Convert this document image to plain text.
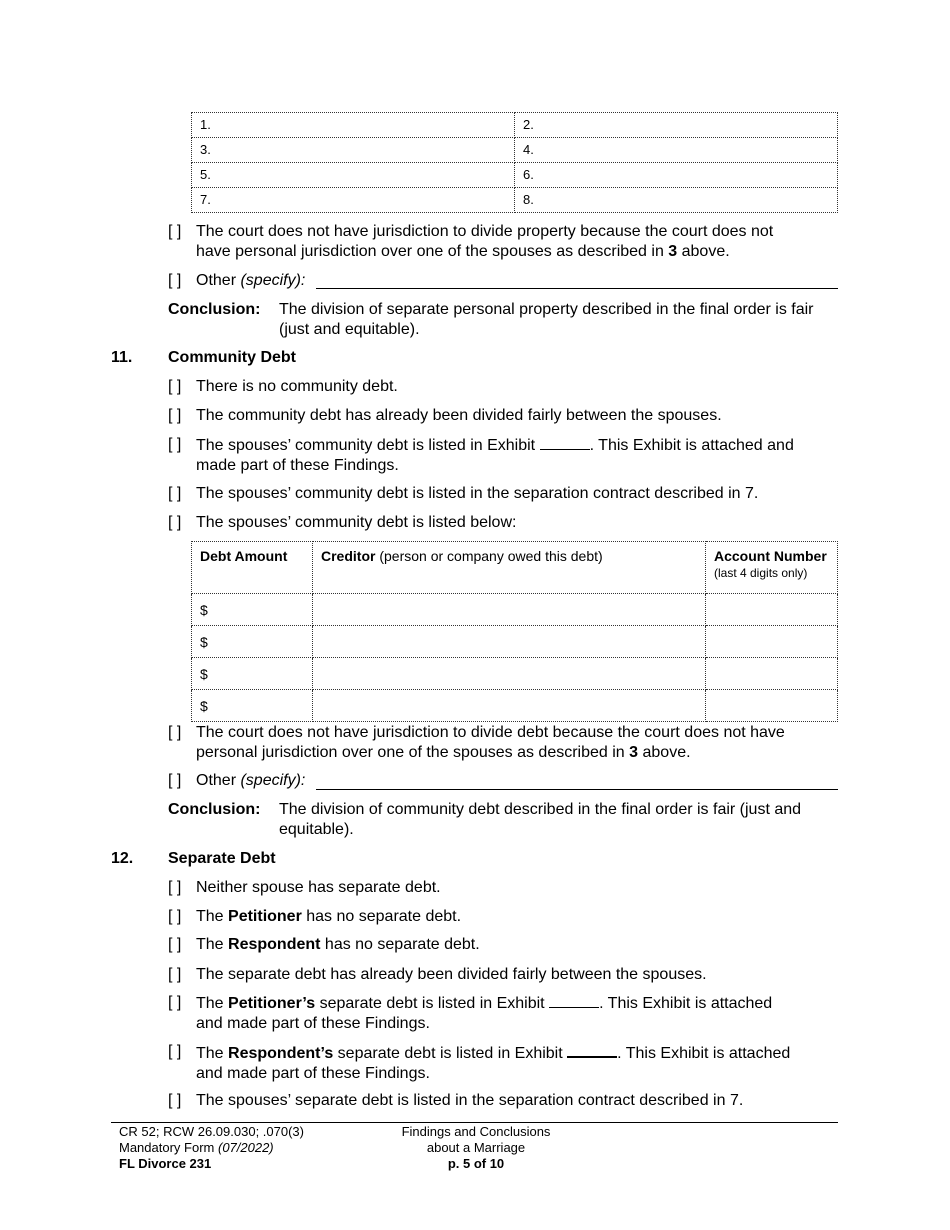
1.	2.
3.	4.
5.	6.
7.	8.
[ ] The court does not have jurisdiction to divide property because the court does not
have personal jurisdiction over one of the spouses as described in 3 above.
[ ] Other (specify):
Conclusion: The division of separate personal property described in the final order is fair
(just and equitable).
11. Community Debt
[ ] There is no community debt.
[ ] The community debt has already been divided fairly between the spouses.
[ ] The spouses’ community debt is listed in Exhibit	. This Exhibit is attached and
made part of these Findings.
[ ] The spouses’ community debt is listed in the separation contract described in 7.
[ ] The spouses’ community debt is listed below:
Debt Amount	Creditor (person or company owed this debt)	Account Number
(last 4 digits only)
$		
$		
$		
$		
[ ] The court does not have jurisdiction to divide debt because the court does not have
personal jurisdiction over one of the spouses as described in 3 above.
[ ] Other (specify):
Conclusion: The division of community debt described in the final order is fair (just and
equitable).
12. Separate Debt
[ ] Neither spouse has separate debt.
[ ] The Petitioner has no separate debt.
[ ] The Respondent has no separate debt.
[ ] The separate debt has already been divided fairly between the spouses.
[ ] The Petitioner’s separate debt is listed in Exhibit	. This Exhibit is attached
and made part of these Findings.
[ ] The Respondent’s separate debt is listed in Exhibit	. This Exhibit is attached
and made part of these Findings.
[ ] The spouses’ separate debt is listed in the separation contract described in 7.
CR 52; RCW 26.09.030; .070(3)
Mandatory Form (07/2022)
FL Divorce 231
Findings and Conclusions
about a Marriage
p. 5 of 10
